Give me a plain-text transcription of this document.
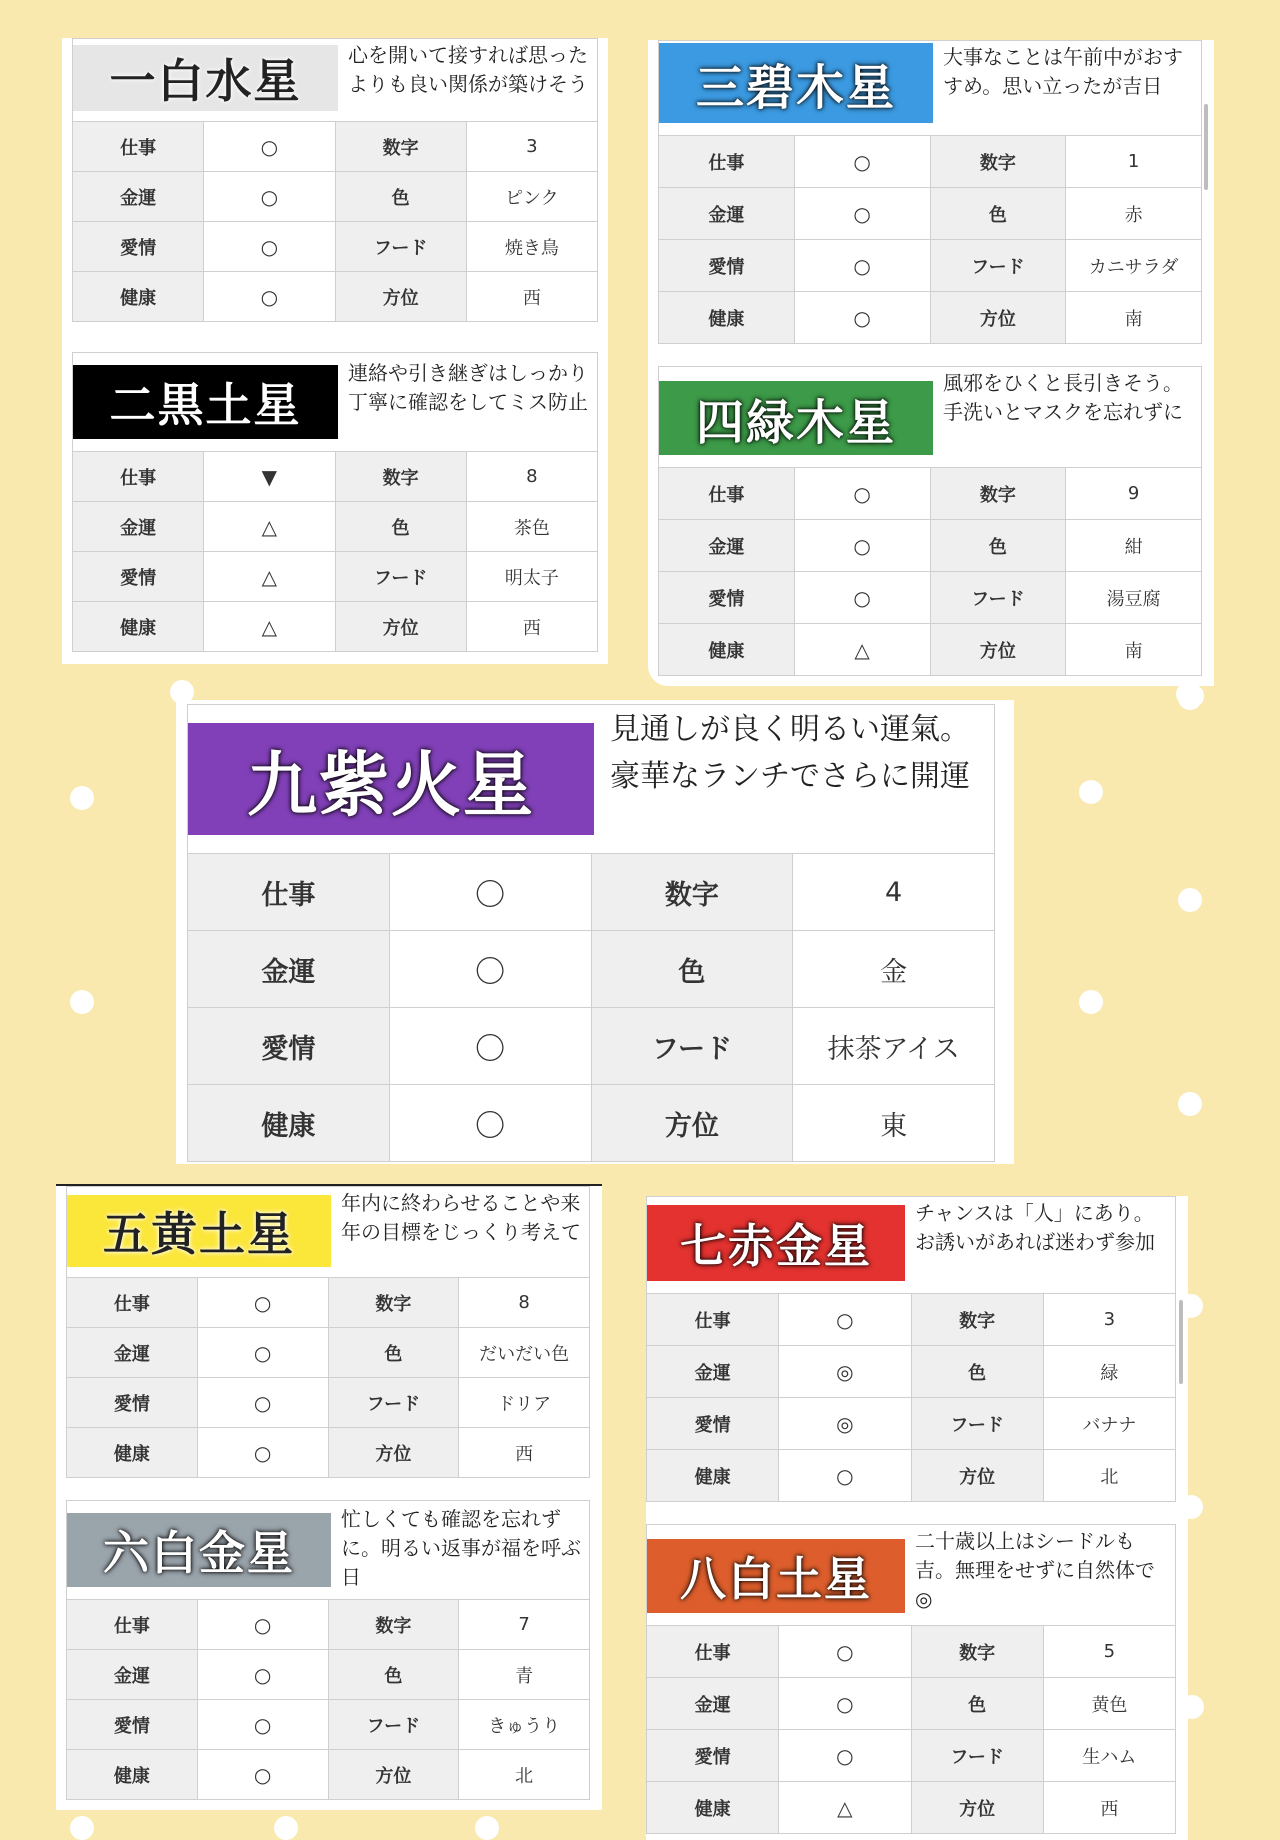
一白水星	心を開いて接すれば思ったよりも良い関係が築けそう
仕事	○	数字	3
金運	○	色	ピンク
愛情	○	フード	焼き鳥
健康	○	方位	西
二黒土星
連絡や引き継ぎはしっかり丁寧に確認をしてミス防止
仕事	▼	数字	8
金運	△	色	茶色
愛情	△	フード	明太子
健康	△	方位	西
三碧木星
大事なことは午前中がおすすめ。思い立ったが吉日
仕事	○	数字	1
金運	○	色	赤
愛情	○	フード	カニサラダ
健康	○	方位	南
四緑木星
風邪をひくと長引きそう。手洗いとマスクを忘れずに
仕事	○	数字	9
金運	○	色	紺
愛情	○	フード	湯豆腐
健康	△	方位	南
九紫火星
見通しが良く明るい運氣。豪華なランチでさらに開運
仕事	〇	数字	4
金運	〇	色	金
愛情	〇	フード	抹茶アイス
健康	〇	方位	東
五黄土星
年内に終わらせることや来年の目標をじっくり考えて
仕事	○	数字	8
金運	○	色	だいだい色
愛情	○	フード	ドリア
健康	○	方位	西
六白金星
忙しくても確認を忘れずに。明るい返事が福を呼ぶ日
仕事	○	数字	7
金運	○	色	青
愛情	○	フード	きゅうり
健康	○	方位	北
七赤金星
チャンスは「人」にあり。お誘いがあれば迷わず参加
仕事	○	数字	3
金運	◎	色	緑
愛情	◎	フード	バナナ
健康	○	方位	北
八白土星
二十歳以上はシードルも吉。無理をせずに自然体で◎
仕事	○	数字	5
金運	○	色	黄色
愛情	○	フード	生ハム
健康	△	方位	西
